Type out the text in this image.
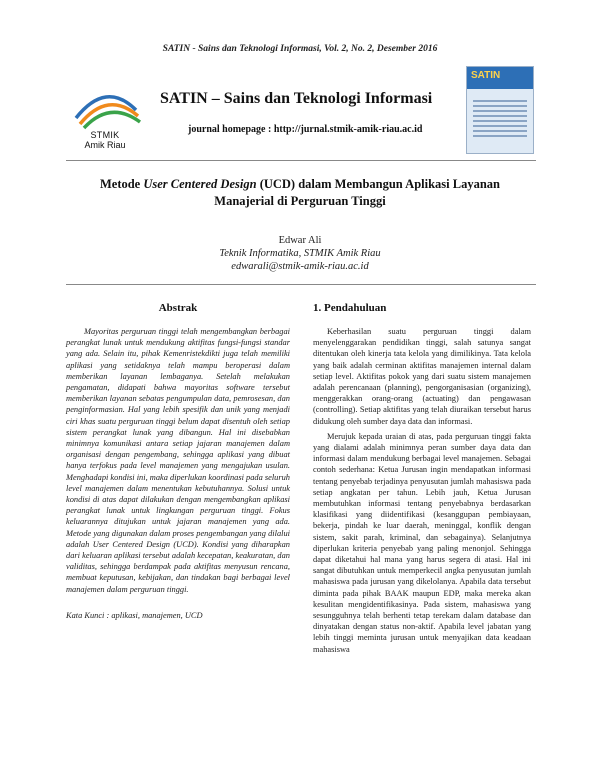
SATIN - Sains dan Teknologi Informasi, Vol. 2, No. 2, Desember 2016
STMIK
Amik Riau
SATIN – Sains dan Teknologi Informasi
journal homepage : http://jurnal.stmik-amik-riau.ac.id
SATIN
Metode User Centered Design (UCD) dalam Membangun Aplikasi Layanan
Manajerial di Perguruan Tinggi
Edwar Ali
Teknik Informatika, STMIK Amik Riau
edwarali@stmik-amik-riau.ac.id
Abstrak

Mayoritas perguruan tinggi telah mengembangkan berbagai perangkat lunak untuk mendukung aktifitas fungsi-fungsi standar yang ada. Selain itu, pihak Kemenristekdikti juga telah memiliki aplikasi yang setidaknya telah mampu beroperasi dalam memberikan layanan lembaganya. Setelah melakukan pengamatan, didapati bahwa mayoritas software tersebut memberikan layanan sebatas pengumpulan data, pemrosesan, dan penginformasian. Hal yang lebih spesifik dan unik yang menjadi ciri khas suatu perguruan tinggi belum dapat disentuh oleh setiap sistem perangkat lunak yang dibangun. Hal ini disebabkan minimnya komunikasi antara setiap jajaran manajemen dalam organisasi dengan pengembang, sehingga aplikasi yang dibuat hanya terfokus pada level manajemen yang mengajukan usulan. Menghadapi kondisi ini, maka diperlukan koordinasi pada seluruh level manajemen dalam menentukan kebutuhannya. Solusi untuk kondisi di atas dapat dilakukan dengan mengembangkan aplikasi perangkat lunak untuk lingkungan perguruan tinggi. Fokus keluarannya ditujukan untuk jajaran manajemen yang ada. Metode yang digunakan dalam proses pengembangan yang dilalui adalah User Centered Design (UCD). Kondisi yang diharapkan dari keluaran aplikasi tersebut adalah kecepatan, keakuratan, dan validitas, sehingga berdampak pada aktifitas menyusun rencana, membuat keputusan, kebijakan, dan tindakan bagi berbagai level manajemen dalam perguruan tinggi.

Kata Kunci : aplikasi, manajemen, UCD

1. Pendahuluan

Keberhasilan suatu perguruan tinggi dalam menyelenggarakan pendidikan tinggi, salah satunya sangat ditentukan oleh kinerja tata kelola yang dimilikinya. Tata kelola yang baik adalah cerminan aktifitas manajemen internal dalam setiap level. Aktifitas pokok yang dari suatu sistem manajemen adalah perencanaan (planning), pengorganisasian (organizing), menggerakkan orang-orang (actuating) dan pengawasan (controlling). Setiap aktifitas yang telah diuraikan tersebut harus didukung oleh sumber daya data dan informasi.

Merujuk kepada uraian di atas, pada perguruan tinggi fakta yang dialami adalah minimnya peran sumber daya data dan informasi dalam mendukung berbagai level manajemen. Sebagai contoh sederhana: Ketua Jurusan ingin mendapatkan informasi tentang penyebab terjadinya penyusutan jumlah mahasiswa pada setiap angkatan per tahun. Lebih jauh, Ketua Jurusan membutuhkan informasi tentang penyebabnya berdasarkan klasifikasi yang diidentifikasi (kesanggupan pembiayaan, bekerja, pindah ke luar daerah, meninggal, konflik dengan sistem, sakit parah, kriminal, dan sebagainya). Selanjutnya diperlukan kriteria penyebab yang paling menonjol. Sehingga dapat diketahui hal mana yang harus segera di atasi. Hal ini sangat dibutuhkan untuk memperkecil angka penyusutan jumlah mahasiswa pada jurusan yang dikelolanya. Apabila data tersebut diminta pada pihak BAAK maupun EDP, maka mereka akan kesulitan mengidentifikasinya. Pada sistem, mahasiswa yang sesungguhnya telah berhenti tetap terekam dalam database dan dinyatakan dengan status non-aktif. Apabila level jabatan yang lebih tinggi meminta jurusan untuk menyajikan data keadaan mahasiswa
